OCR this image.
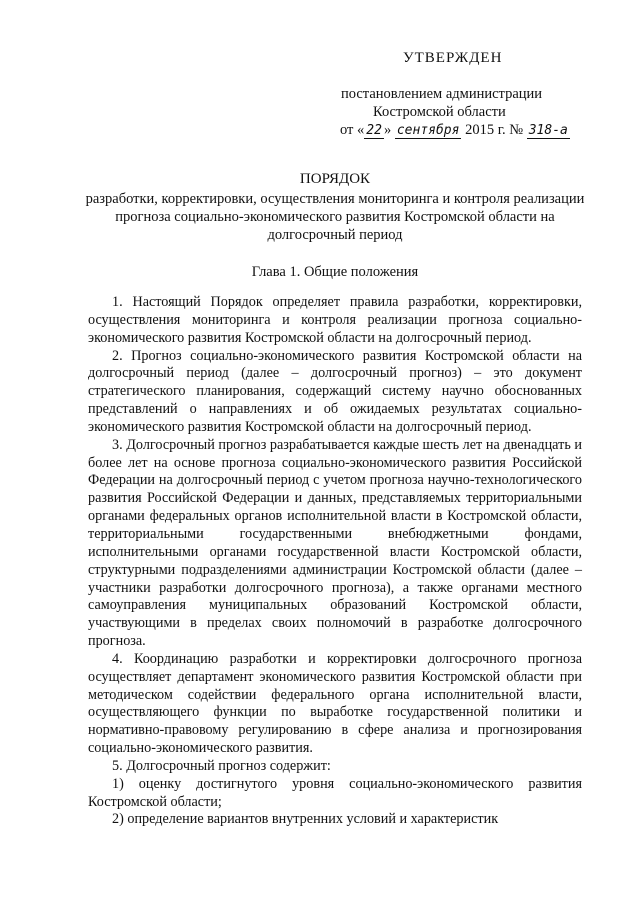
УТВЕРЖДЕН
постановлением администрации
Костромской области
от « 22 » сентября 2015 г. № 318-а
ПОРЯДОК
разработки, корректировки, осуществления мониторинга и контроля реализации прогноза социально-экономического развития Костромской области на долгосрочный период
Глава 1. Общие положения

1. Настоящий Порядок определяет правила разработки, корректировки, осуществления мониторинга и контроля реализации прогноза социально-экономического развития Костромской области на долгосрочный период.

2. Прогноз социально-экономического развития Костромской области на долгосрочный период (далее – долгосрочный прогноз) – это документ стратегического планирования, содержащий систему научно обоснованных представлений о направлениях и об ожидаемых результатах социально-экономического развития Костромской области на долгосрочный период.

3. Долгосрочный прогноз разрабатывается каждые шесть лет на двенадцать и более лет на основе прогноза социально-экономического развития Российской Федерации на долгосрочный период с учетом прогноза научно-технологического развития Российской Федерации и данных, представляемых территориальными органами федеральных органов исполнительной власти в Костромской области, территориальными государственными внебюджетными фондами, исполнительными органами государственной власти Костромской области, структурными подразделениями администрации Костромской области (далее – участники разработки долгосрочного прогноза), а также органами местного самоуправления муниципальных образований Костромской области, участвующими в пределах своих полномочий в разработке долгосрочного прогноза.

4. Координацию разработки и корректировки долгосрочного прогноза осуществляет департамент экономического развития Костромской области при методическом содействии федерального органа исполнительной власти, осуществляющего функции по выработке государственной политики и нормативно-правовому регулированию в сфере анализа и прогнозирования социально-экономического развития.

5. Долгосрочный прогноз содержит:

1) оценку достигнутого уровня социально-экономического развития Костромской области;

2) определение вариантов внутренних условий и характеристик
